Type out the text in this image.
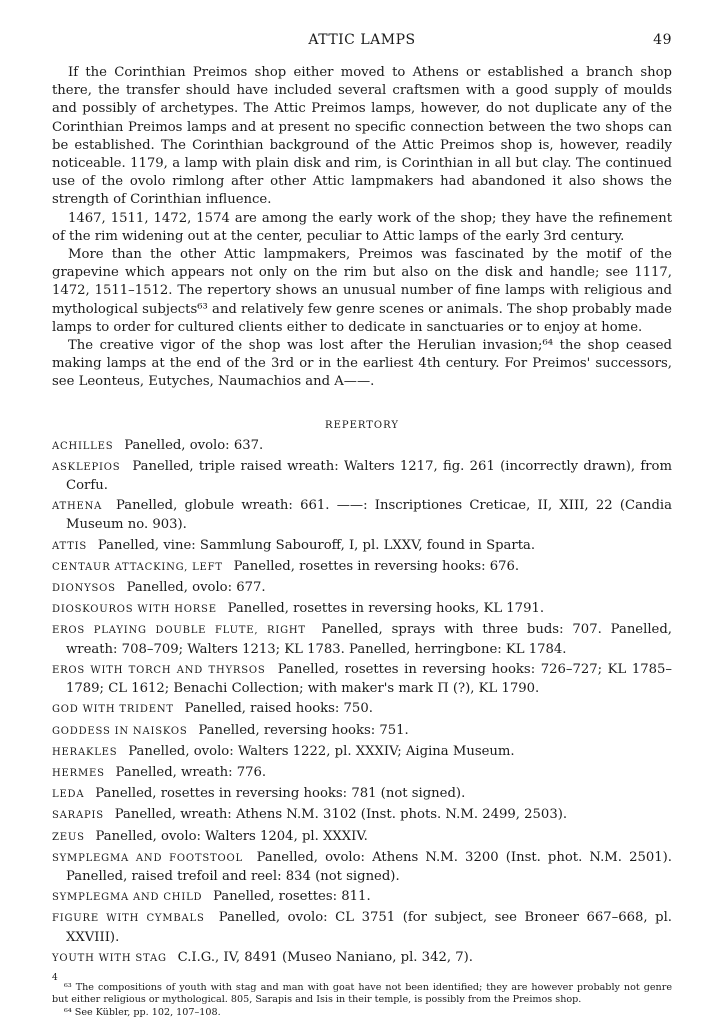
ATTIC LAMPS	49

If the Corinthian Preimos shop either moved to Athens or established a branch shop there, the transfer should have included several craftsmen with a good supply of moulds and possibly of archetypes. The Attic Preimos lamps, however, do not duplicate any of the Corinthian Preimos lamps and at present no specific connection between the two shops can be established. The Corinthian background of the Attic Preimos shop is, however, readily noticeable. 1179, a lamp with plain disk and rim, is Corinthian in all but clay. The continued use of the ovolo rimlong after other Attic lampmakers had abandoned it also shows the strength of Corinthian influence.

1467, 1511, 1472, 1574 are among the early work of the shop; they have the refinement of the rim widening out at the center, peculiar to Attic lamps of the early 3rd century.

More than the other Attic lampmakers, Preimos was fascinated by the motif of the grapevine which appears not only on the rim but also on the disk and handle; see 1117, 1472, 1511–1512. The repertory shows an unusual number of fine lamps with religious and mythological subjects⁶³ and relatively few genre scenes or animals. The shop probably made lamps to order for cultured clients either to dedicate in sanctuaries or to enjoy at home.

The creative vigor of the shop was lost after the Herulian invasion;⁶⁴ the shop ceased making lamps at the end of the 3rd or in the earliest 4th century. For Preimos' successors, see Leonteus, Eutyches, Naumachios and A——.

REPERTORY

ACHILLES  Panelled, ovolo: 637.

ASKLEPIOS  Panelled, triple raised wreath: Walters 1217, fig. 261 (incorrectly drawn), from Corfu.

ATHENA  Panelled, globule wreath: 661. ——: Inscriptiones Creticae, II, XIII, 22 (Candia Museum no. 903).

ATTIS  Panelled, vine: Sammlung Sabouroff, I, pl. LXXV, found in Sparta.

CENTAUR ATTACKING, LEFT  Panelled, rosettes in reversing hooks: 676.

DIONYSOS  Panelled, ovolo: 677.

DIOSKOUROS WITH HORSE  Panelled, rosettes in reversing hooks, KL 1791.

EROS PLAYING DOUBLE FLUTE, RIGHT  Panelled, sprays with three buds: 707. Panelled, wreath: 708–709; Walters 1213; KL 1783. Panelled, herringbone: KL 1784.

EROS WITH TORCH AND THYRSOS  Panelled, rosettes in reversing hooks: 726–727; KL 1785–1789; CL 1612; Benachi Collection; with maker's mark Π (?), KL 1790.

GOD WITH TRIDENT  Panelled, raised hooks: 750.

GODDESS IN NAISKOS  Panelled, reversing hooks: 751.

HERAKLES  Panelled, ovolo: Walters 1222, pl. XXXIV; Aigina Museum.

HERMES  Panelled, wreath: 776.

LEDA  Panelled, rosettes in reversing hooks: 781 (not signed).

SARAPIS  Panelled, wreath: Athens N.M. 3102 (Inst. phots. N.M. 2499, 2503).

ZEUS  Panelled, ovolo: Walters 1204, pl. XXXIV.

SYMPLEGMA AND FOOTSTOOL  Panelled, ovolo: Athens N.M. 3200 (Inst. phot. N.M. 2501). Panelled, raised trefoil and reel: 834 (not signed).

SYMPLEGMA AND CHILD  Panelled, rosettes: 811.

FIGURE WITH CYMBALS  Panelled, ovolo: CL 3751 (for subject, see Broneer 667–668, pl. XXVIII).

YOUTH WITH STAG  C.I.G., IV, 8491 (Museo Naniano, pl. 342, 7).

⁶³ The compositions of youth with stag and man with goat have not been identified; they are however probably not genre but either religious or mythological. 805, Sarapis and Isis in their temple, is possibly from the Preimos shop.

⁶⁴ See Kübler, pp. 102, 107–108.

4
